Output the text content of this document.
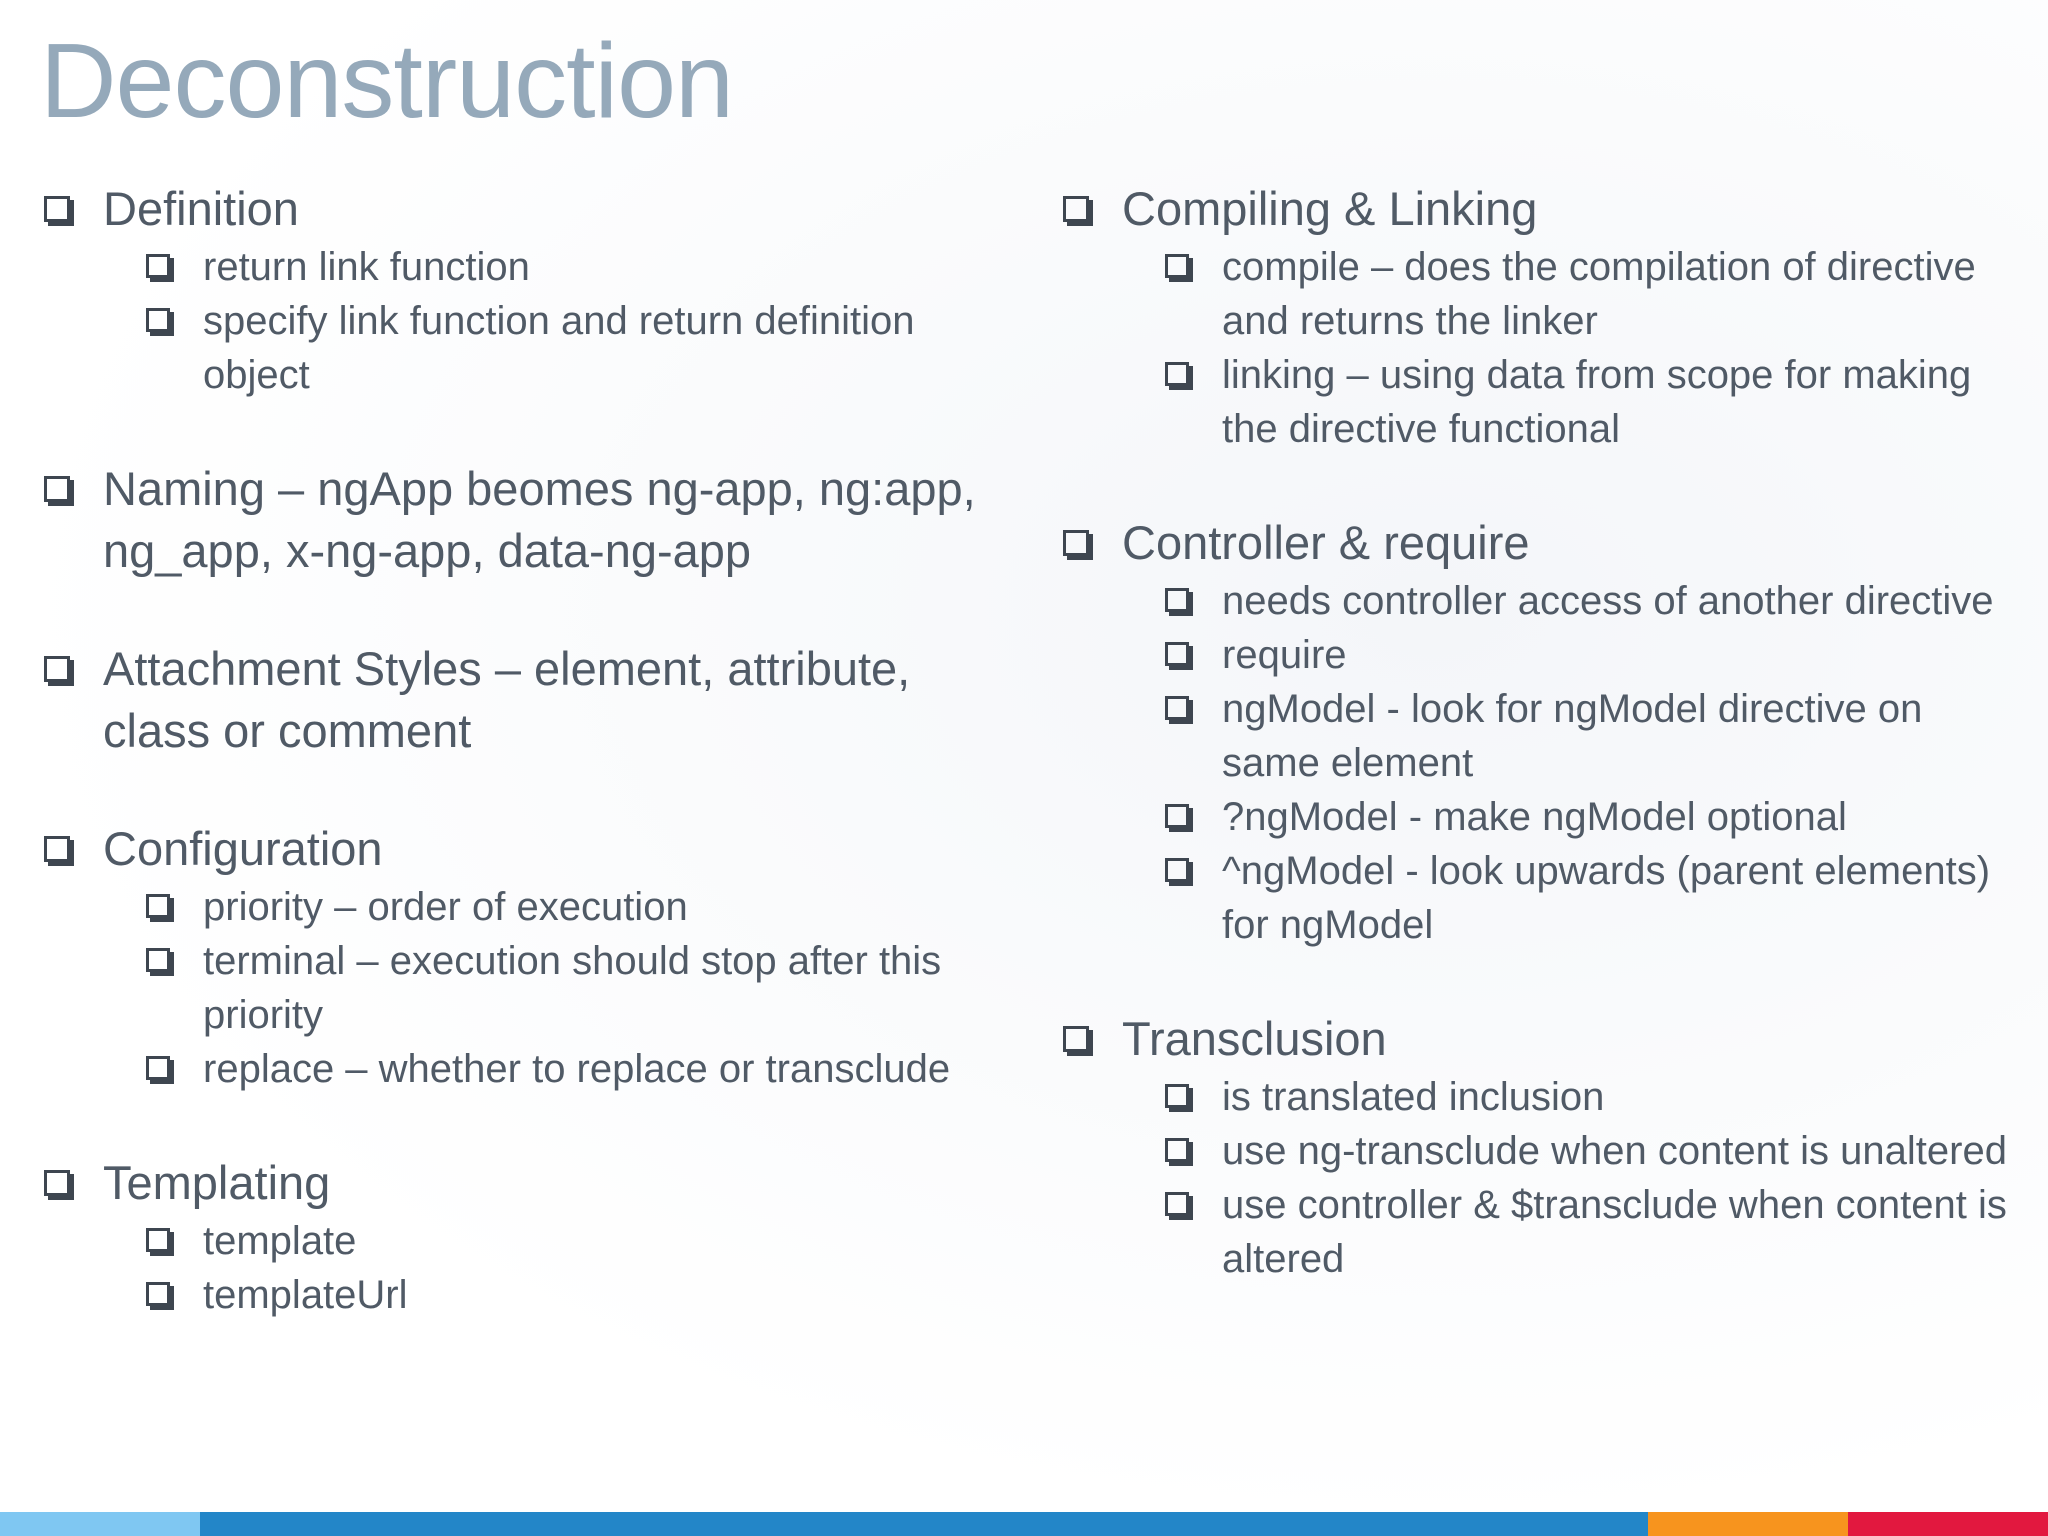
Deconstruction
Definition
return link function
specify link function and return definition object
Naming – ngApp beomes ng-app, ng:app, ng_app, x-ng-app, data-ng-app
Attachment Styles – element, attribute, class or comment
Configuration
priority – order of execution
terminal – execution should stop after this priority
replace – whether to replace or transclude
Templating
template
templateUrl
Compiling & Linking
compile – does the compilation of directive and returns the linker
linking – using data from scope for making the directive functional
Controller & require
needs controller access of another directive
require
ngModel - look for ngModel directive on same element
?ngModel - make ngModel optional
^ngModel - look upwards (parent elements) for ngModel
Transclusion
is translated inclusion
use ng-transclude when content is unaltered
use controller & $transclude when content is altered
